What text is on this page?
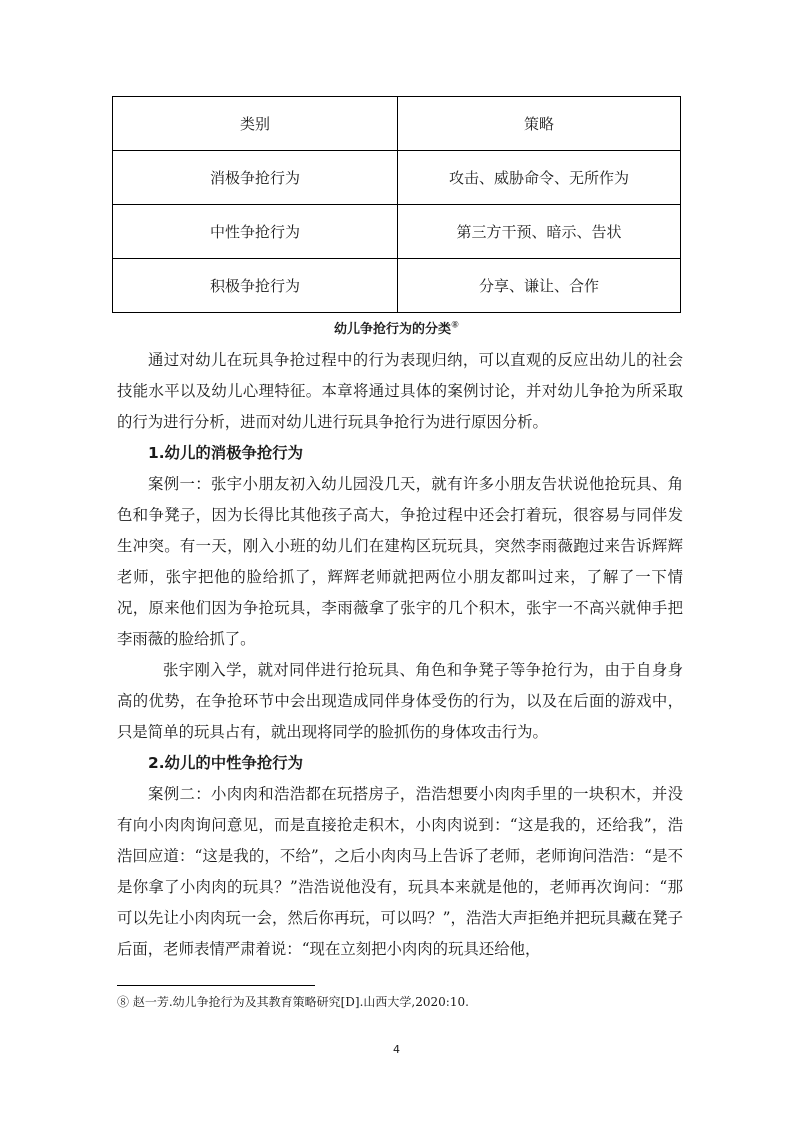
类别	策略
消极争抢行为	攻击、威胁命令、无所作为
中性争抢行为	第三方干预、暗示、告状
积极争抢行为	分享、谦让、合作
幼儿争抢行为的分类⑧

通过对幼儿在玩具争抢过程中的行为表现归纳，可以直观的反应出幼儿的社会技能水平以及幼儿心理特征。本章将通过具体的案例讨论，并对幼儿争抢为所采取的行为进行分析，进而对幼儿进行玩具争抢行为进行原因分析。

1.幼儿的消极争抢行为

案例一：张宇小朋友初入幼儿园没几天，就有许多小朋友告状说他抢玩具、角色和争凳子，因为长得比其他孩子高大，争抢过程中还会打着玩，很容易与同伴发生冲突。有一天，刚入小班的幼儿们在建构区玩玩具，突然李雨薇跑过来告诉辉辉老师，张宇把他的脸给抓了，辉辉老师就把两位小朋友都叫过来，了解了一下情况，原来他们因为争抢玩具，李雨薇拿了张宇的几个积木，张宇一不高兴就伸手把李雨薇的脸给抓了。

张宇刚入学，就对同伴进行抢玩具、角色和争凳子等争抢行为，由于自身身高的优势，在争抢环节中会出现造成同伴身体受伤的行为，以及在后面的游戏中，只是简单的玩具占有，就出现将同学的脸抓伤的身体攻击行为。

2.幼儿的中性争抢行为

案例二：小肉肉和浩浩都在玩搭房子，浩浩想要小肉肉手里的一块积木，并没有向小肉肉询问意见，而是直接抢走积木，小肉肉说到：“这是我的，还给我”，浩浩回应道：“这是我的，不给”，之后小肉肉马上告诉了老师，老师询问浩浩：“是不是你拿了小肉肉的玩具？”浩浩说他没有，玩具本来就是他的，老师再次询问：“那可以先让小肉肉玩一会，然后你再玩，可以吗？”，浩浩大声拒绝并把玩具藏在凳子后面，老师表情严肃着说：“现在立刻把小肉肉的玩具还给他，

⑧ 赵一芳.幼儿争抢行为及其教育策略研究[D].山西大学,2020:10.
4
